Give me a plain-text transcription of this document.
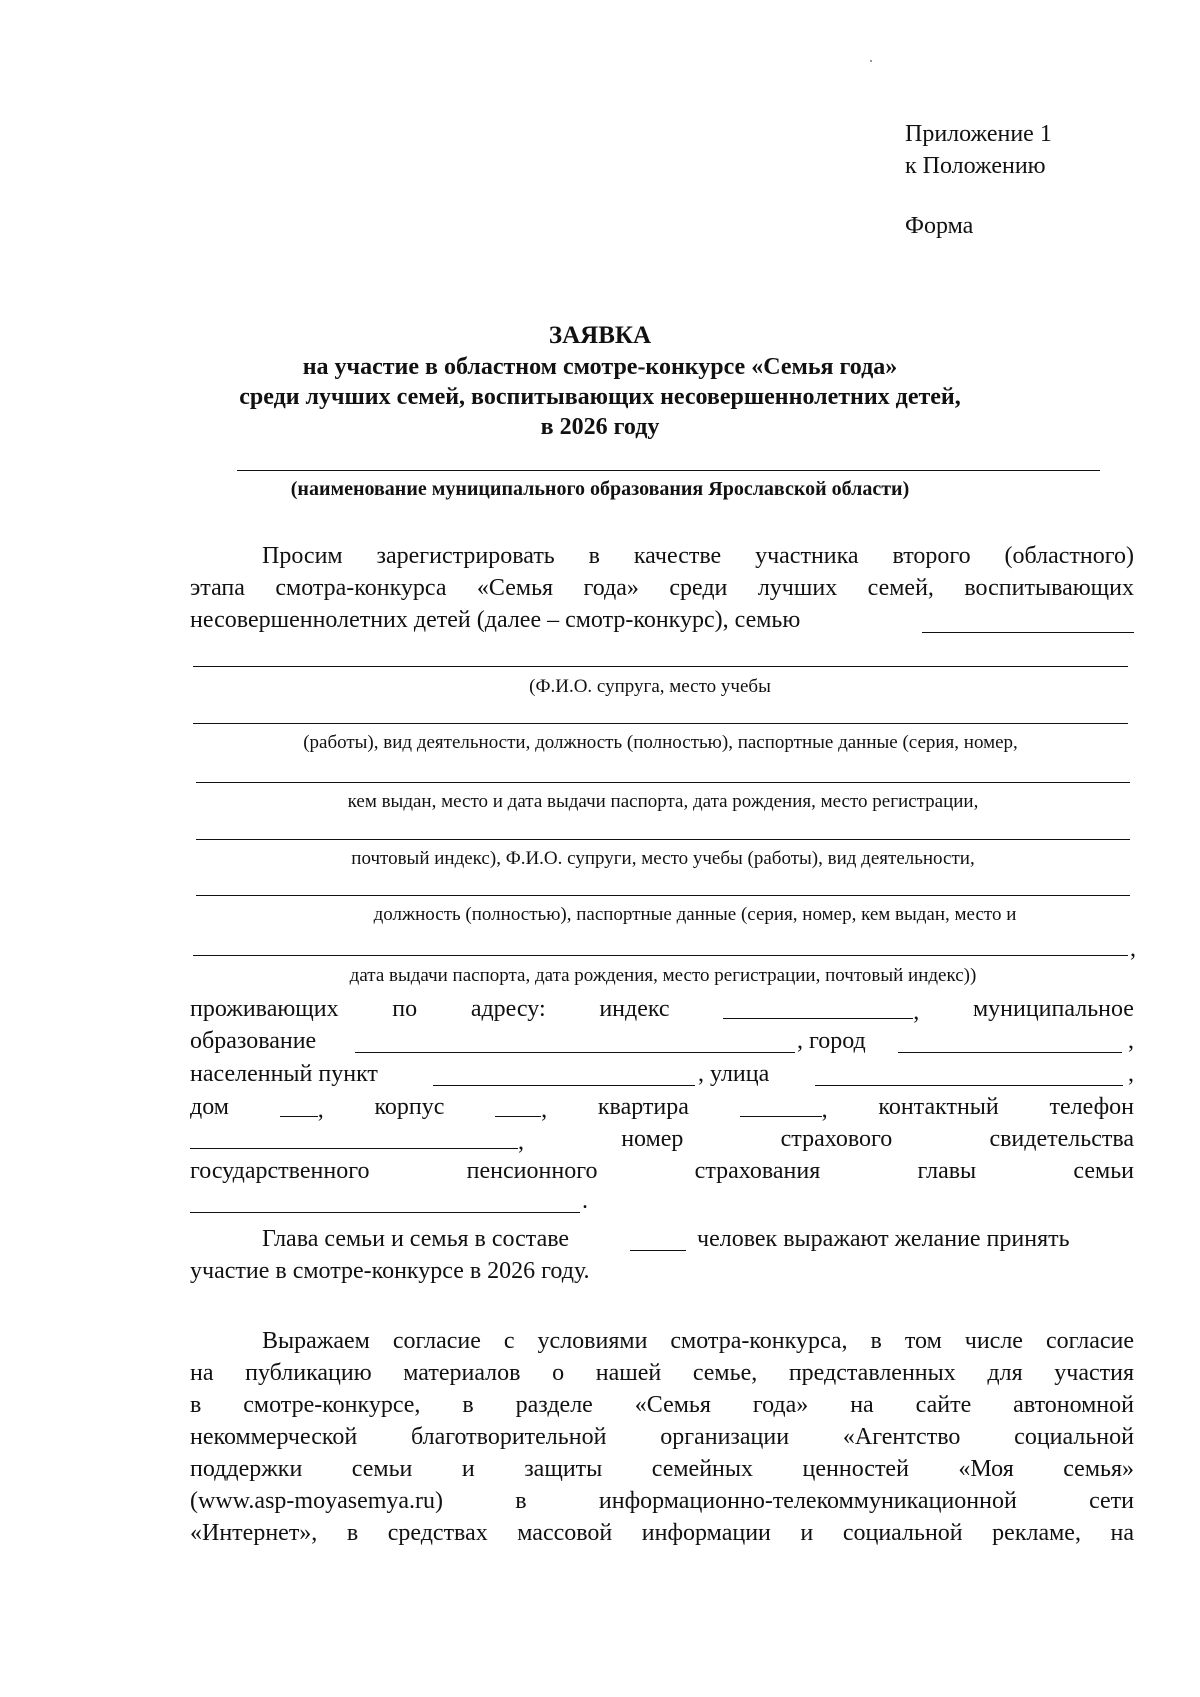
Приложение 1
к Положению
Форма
ЗАЯВКА
на участие в областном смотре-конкурсе «Семья года»
среди лучших семей, воспитывающих несовершеннолетних детей,
в 2026 году
(наименование муниципального образования Ярославской области)
Просим зарегистрировать в качестве участника второго (областного)
этапа смотра-конкурса «Семья года» среди лучших семей, воспитывающих
несовершеннолетних детей (далее – смотр-конкурс), семью
(Ф.И.О. супруга, место учебы
(работы), вид деятельности, должность (полностью), паспортные данные (серия, номер,
кем выдан, место и дата выдачи паспорта, дата рождения, место регистрации,
почтовый индекс), Ф.И.О. супруги, место учебы (работы), вид деятельности,
должность (полностью), паспортные данные (серия, номер, кем выдан, место и
,
дата выдачи паспорта, дата рождения, место регистрации, почтовый индекс))
проживающих по адресу: индекс	, муниципальное
образование	, город	,
населенный пункт	, улица	,
дом	, корпус	, квартира	, контактный телефон
,	номер	страхового	свидетельства
государственного	пенсионного	страхования	главы	семьи
.
Глава семьи и семья в составе	человек выражают желание принять
участие в смотре-конкурсе в 2026 году.
Выражаем согласие с условиями смотра-конкурса, в том числе согласие
на публикацию материалов о нашей семье, представленных для участия
в смотре-конкурсе, в разделе «Семья года» на сайте автономной
некоммерческой благотворительной организации «Агентство социальной
поддержки семьи и защиты семейных ценностей «Моя семья»
(www.asp-moyasemya.ru) в информационно-телекоммуникационной сети
«Интернет», в средствах массовой информации и социальной рекламе, на
